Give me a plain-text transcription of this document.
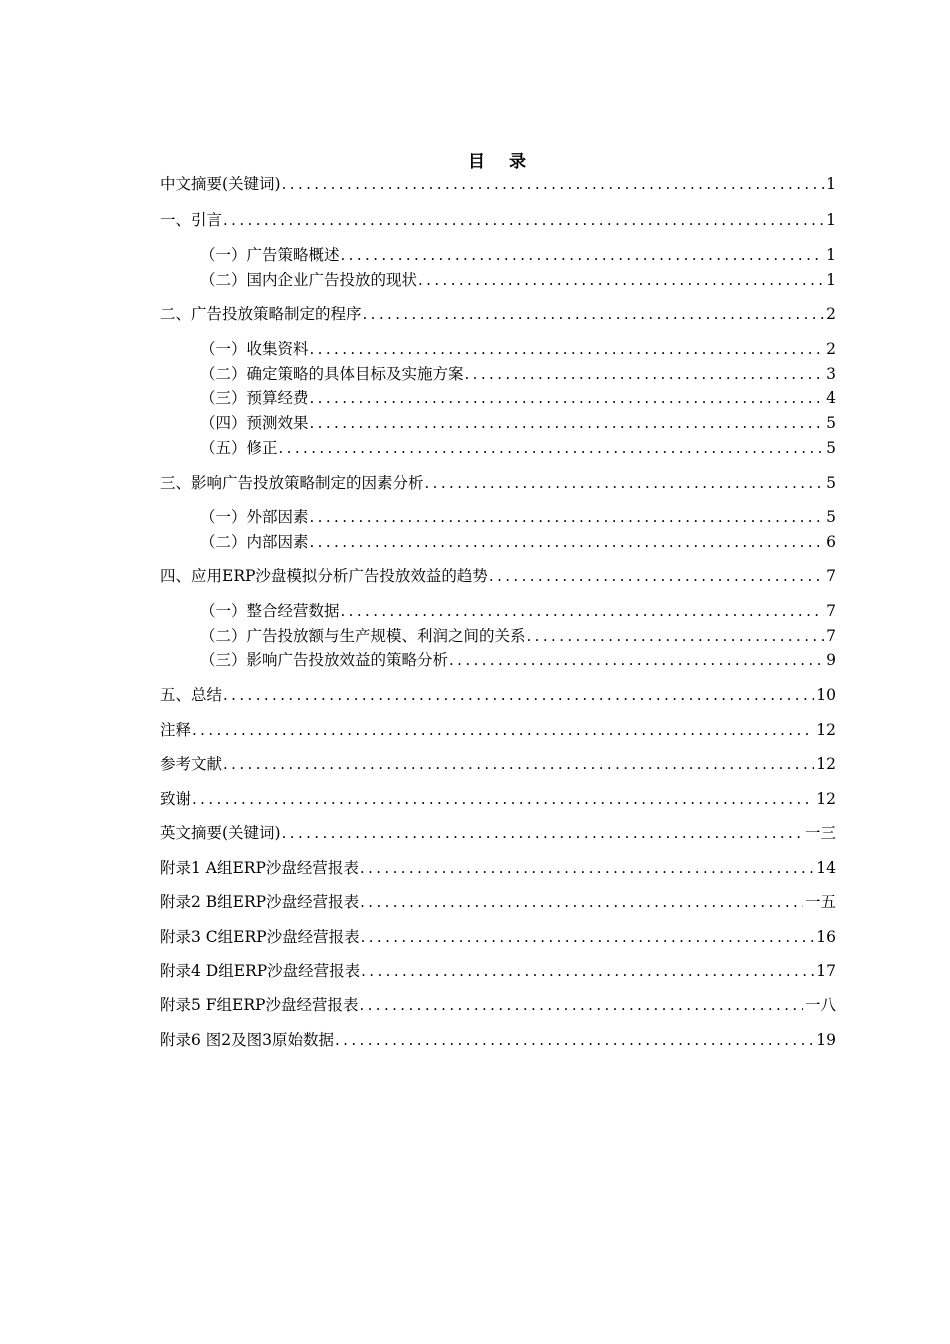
目 录
中文摘要(关键词) .....	1
一、引言 .....	1
（一）广告策略概述 .....	1
（二）国内企业广告投放的现状 .....	1
二、广告投放策略制定的程序 .....	2
（一）收集资料 .....	2
（二）确定策略的具体目标及实施方案 .....	3
（三）预算经费 .....	4
（四）预测效果 .....	5
（五）修正 .....	5
三、影响广告投放策略制定的因素分析 .....	5
（一）外部因素 .....	5
（二）内部因素 .....	6
四、应用ERP沙盘模拟分析广告投放效益的趋势 .....	7
（一）整合经营数据 .....	7
（二）广告投放额与生产规模、利润之间的关系 .....	7
（三）影响广告投放效益的策略分析 .....	9
五、总结 .....	10
注释 .....	12
参考文献 .....	12
致谢 .....	12
英文摘要(关键词) .....	一三
附录1 A组ERP沙盘经营报表 .....	14
附录2 B组ERP沙盘经营报表 .....	一五
附录3 C组ERP沙盘经营报表 .....	16
附录4 D组ERP沙盘经营报表 .....	17
附录5 F组ERP沙盘经营报表 .....	一八
附录6 图2及图3原始数据 .....	19
